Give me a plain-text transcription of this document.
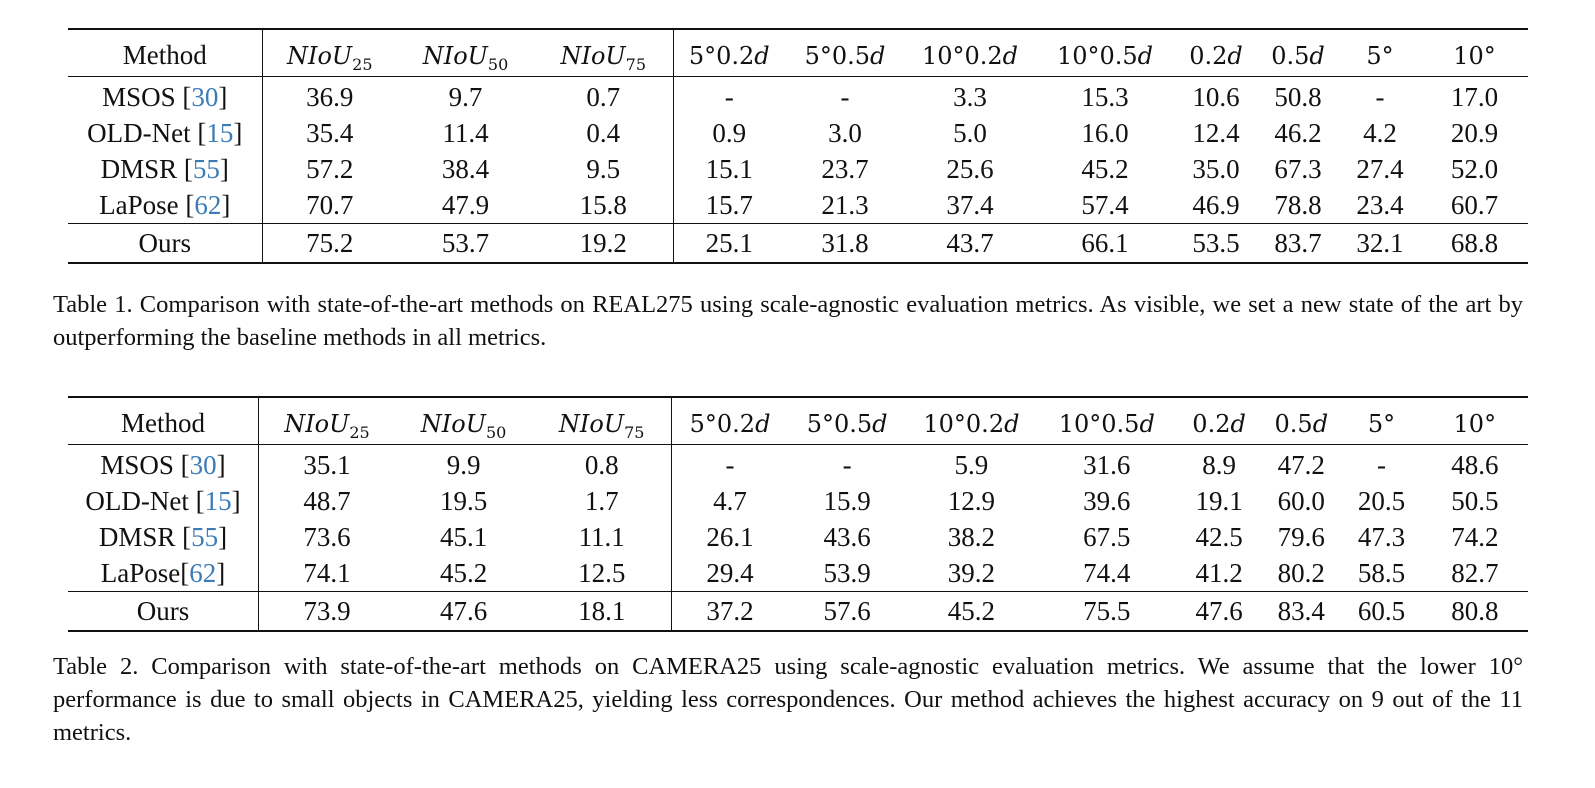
Method	NIoU$_{25}$	NIoU$_{50}$	NIoU$_{75}$	5°0.2d	5°0.5d	10°0.2d	10°0.5d	0.2d	0.5d	5°	10°
MSOS [30]	36.9	9.7	0.7	-	-	3.3	15.3	10.6	50.8	-	17.0
OLD-Net [15]	35.4	11.4	0.4	0.9	3.0	5.0	16.0	12.4	46.2	4.2	20.9
DMSR [55]	57.2	38.4	9.5	15.1	23.7	25.6	45.2	35.0	67.3	27.4	52.0
LaPose [62]	70.7	47.9	15.8	15.7	21.3	37.4	57.4	46.9	78.8	23.4	60.7
Ours	75.2	53.7	19.2	25.1	31.8	43.7	66.1	53.5	83.7	32.1	68.8
Table 1. Comparison with state-of-the-art methods on REAL275 using scale-agnostic evaluation metrics. As visible, we set a new state of the art by outperforming the baseline methods in all metrics.
Method	NIoU$_{25}$	NIoU$_{50}$	NIoU$_{75}$	5°0.2d	5°0.5d	10°0.2d	10°0.5d	0.2d	0.5d	5°	10°
MSOS [30]	35.1	9.9	0.8	-	-	5.9	31.6	8.9	47.2	-	48.6
OLD-Net [15]	48.7	19.5	1.7	4.7	15.9	12.9	39.6	19.1	60.0	20.5	50.5
DMSR [55]	73.6	45.1	11.1	26.1	43.6	38.2	67.5	42.5	79.6	47.3	74.2
LaPose[62]	74.1	45.2	12.5	29.4	53.9	39.2	74.4	41.2	80.2	58.5	82.7
Ours	73.9	47.6	18.1	37.2	57.6	45.2	75.5	47.6	83.4	60.5	80.8
Table 2. Comparison with state-of-the-art methods on CAMERA25 using scale-agnostic evaluation metrics. We assume that the lower 10° performance is due to small objects in CAMERA25, yielding less correspondences. Our method achieves the highest accuracy on 9 out of the 11 metrics.
